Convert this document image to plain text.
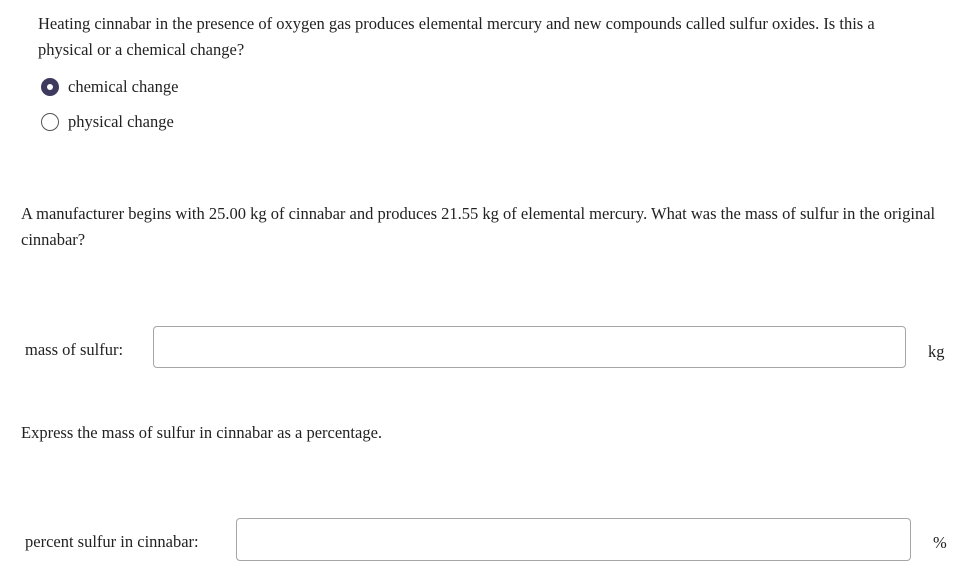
Heating cinnabar in the presence of oxygen gas produces elemental mercury and new compounds called sulfur oxides. Is this a physical or a chemical change?
chemical change
physical change
A manufacturer begins with 25.00 kg of cinnabar and produces 21.55 kg of elemental mercury. What was the mass of sulfur in the original cinnabar?
mass of sulfur:	kg
Express the mass of sulfur in cinnabar as a percentage.
percent sulfur in cinnabar:	%
